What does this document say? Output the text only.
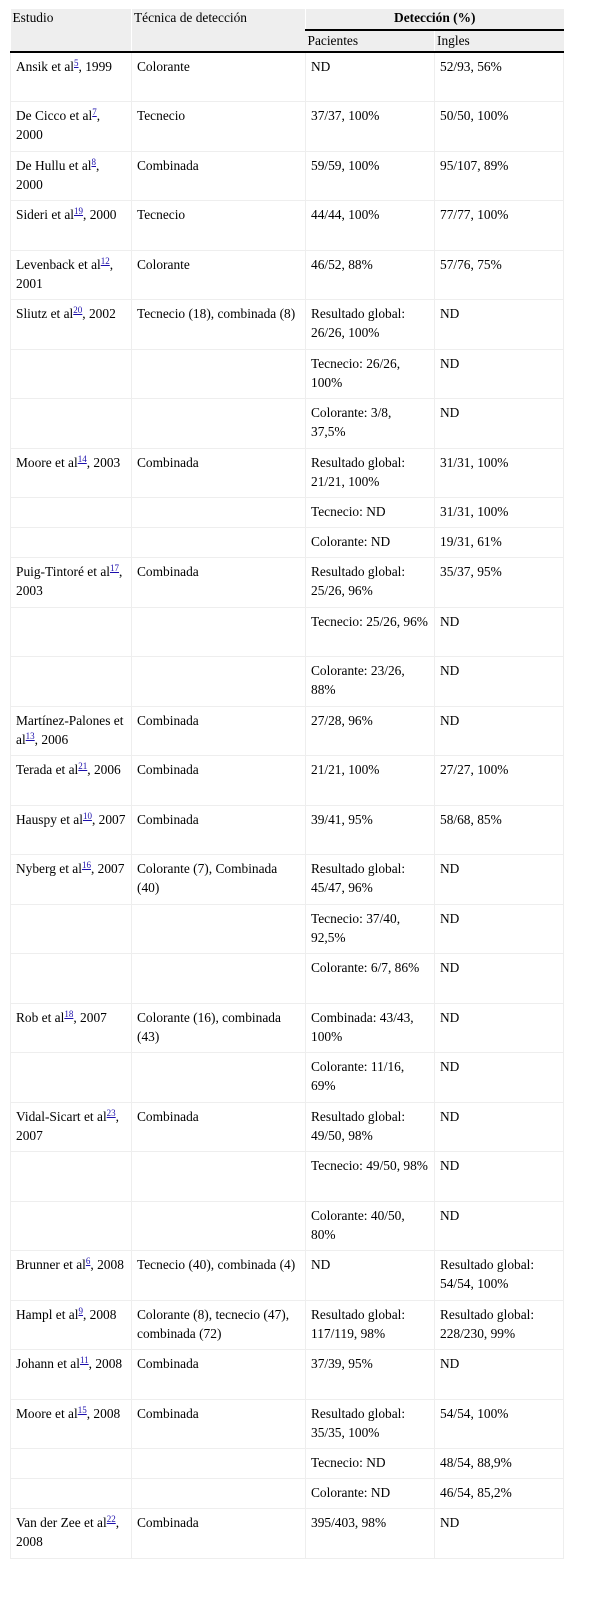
Estudio	Técnica de detección	Detección (%)	
		Pacientes	Ingles
Ansik et al$^5$, 1999	Colorante	ND	52/93, 56%
De Cicco et al$^7$, 2000	Tecnecio	37/37, 100%	50/50, 100%
De Hullu et al$^8$, 2000	Combinada	59/59, 100%	95/107, 89%
Sideri et al$^{19}$, 2000	Tecnecio	44/44, 100%	77/77, 100%
Levenback et al$^{12}$, 2001	Colorante	46/52, 88%	57/76, 75%
Sliutz et al$^{20}$, 2002	Tecnecio (18), combinada (8)	Resultado global: 26/26, 100%	ND
		Tecnecio: 26/26, 100%	ND
		Colorante: 3/8, 37,5%	ND
Moore et al$^{14}$, 2003	Combinada	Resultado global: 21/21, 100%	31/31, 100%
		Tecnecio: ND	31/31, 100%
		Colorante: ND	19/31, 61%
Puig-Tintoré et al$^{17}$, 2003	Combinada	Resultado global: 25/26, 96%	35/37, 95%
		Tecnecio: 25/26, 96%	ND
		Colorante: 23/26, 88%	ND
Martínez-Palones et al$^{13}$, 2006	Combinada	27/28, 96%	ND
Terada et al$^{21}$, 2006	Combinada	21/21, 100%	27/27, 100%
Hauspy et al$^{10}$, 2007	Combinada	39/41, 95%	58/68, 85%
Nyberg et al$^{16}$, 2007	Colorante (7), Combinada (40)	Resultado global: 45/47, 96%	ND
		Tecnecio: 37/40, 92,5%	ND
		Colorante: 6/7, 86%	ND
Rob et al$^{18}$, 2007	Colorante (16), combinada (43)	Combinada: 43/43, 100%	ND
		Colorante: 11/16, 69%	ND
Vidal-Sicart et al$^{23}$, 2007	Combinada	Resultado global: 49/50, 98%	ND
		Tecnecio: 49/50, 98%	ND
		Colorante: 40/50, 80%	ND
Brunner et al$^6$, 2008	Tecnecio (40), combinada (4)	ND	Resultado global: 54/54, 100%
Hampl et al$^9$, 2008	Colorante (8), tecnecio (47), combinada (72)	Resultado global: 117/119, 98%	Resultado global: 228/230, 99%
Johann et al$^{11}$, 2008	Combinada	37/39, 95%	ND
Moore et al$^{15}$, 2008	Combinada	Resultado global: 35/35, 100%	54/54, 100%
		Tecnecio: ND	48/54, 88,9%
		Colorante: ND	46/54, 85,2%
Van der Zee et al$^{22}$, 2008	Combinada	395/403, 98%	ND
